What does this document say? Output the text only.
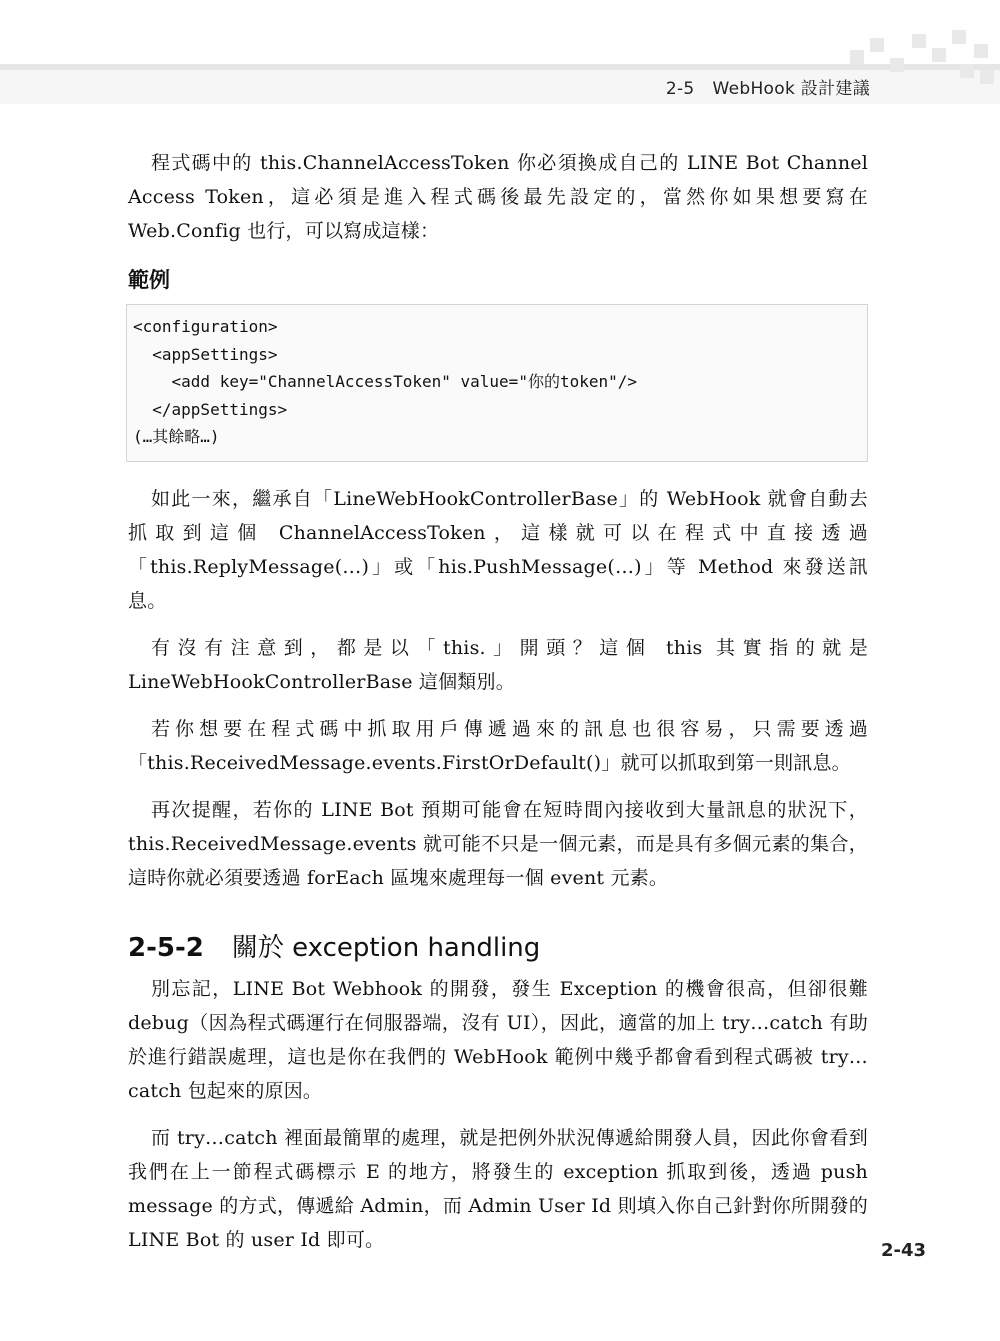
2-5 WebHook 設計建議

程式碼中的 this.ChannelAccessToken 你必須換成自己的 LINE Bot Channel Access Token，這必須是進入程式碼後最先設定的，當然你如果想要寫在 Web.Config 也行，可以寫成這樣：

範例
<configuration>
<appSettings>
<add key="ChannelAccessToken" value="你的token"/>
</appSettings>
(…其餘略…)

如此一來，繼承自「LineWebHookControllerBase」的 WebHook 就會自動去抓取到這個 ChannelAccessToken，這樣就可以在程式中直接透過「this.ReplyMessage(…)」或「his.PushMessage(…)」等 Method 來發送訊息。

有沒有注意到，都是以「this.」開頭？這個 this 其實指的就是 LineWebHookControllerBase 這個類別。

若你想要在程式碼中抓取用戶傳遞過來的訊息也很容易，只需要透過「this.ReceivedMessage.events.FirstOrDefault()」就可以抓取到第一則訊息。

再次提醒，若你的 LINE Bot 預期可能會在短時間內接收到大量訊息的狀況下，this.ReceivedMessage.events 就可能不只是一個元素，而是具有多個元素的集合，這時你就必須要透過 forEach 區塊來處理每一個 event 元素。

2-5-2 關於 exception handling

別忘記，LINE Bot Webhook 的開發，發生 Exception 的機會很高，但卻很難 debug（因為程式碼運行在伺服器端，沒有 UI），因此，適當的加上 try…catch 有助於進行錯誤處理，這也是你在我們的 WebHook 範例中幾乎都會看到程式碼被 try…catch 包起來的原因。

而 try…catch 裡面最簡單的處理，就是把例外狀況傳遞給開發人員，因此你會看到我們在上一節程式碼標示 E 的地方，將發生的 exception 抓取到後，透過 push message 的方式，傳遞給 Admin，而 Admin User Id 則填入你自己針對你所開發的 LINE Bot 的 user Id 即可。	2-43
